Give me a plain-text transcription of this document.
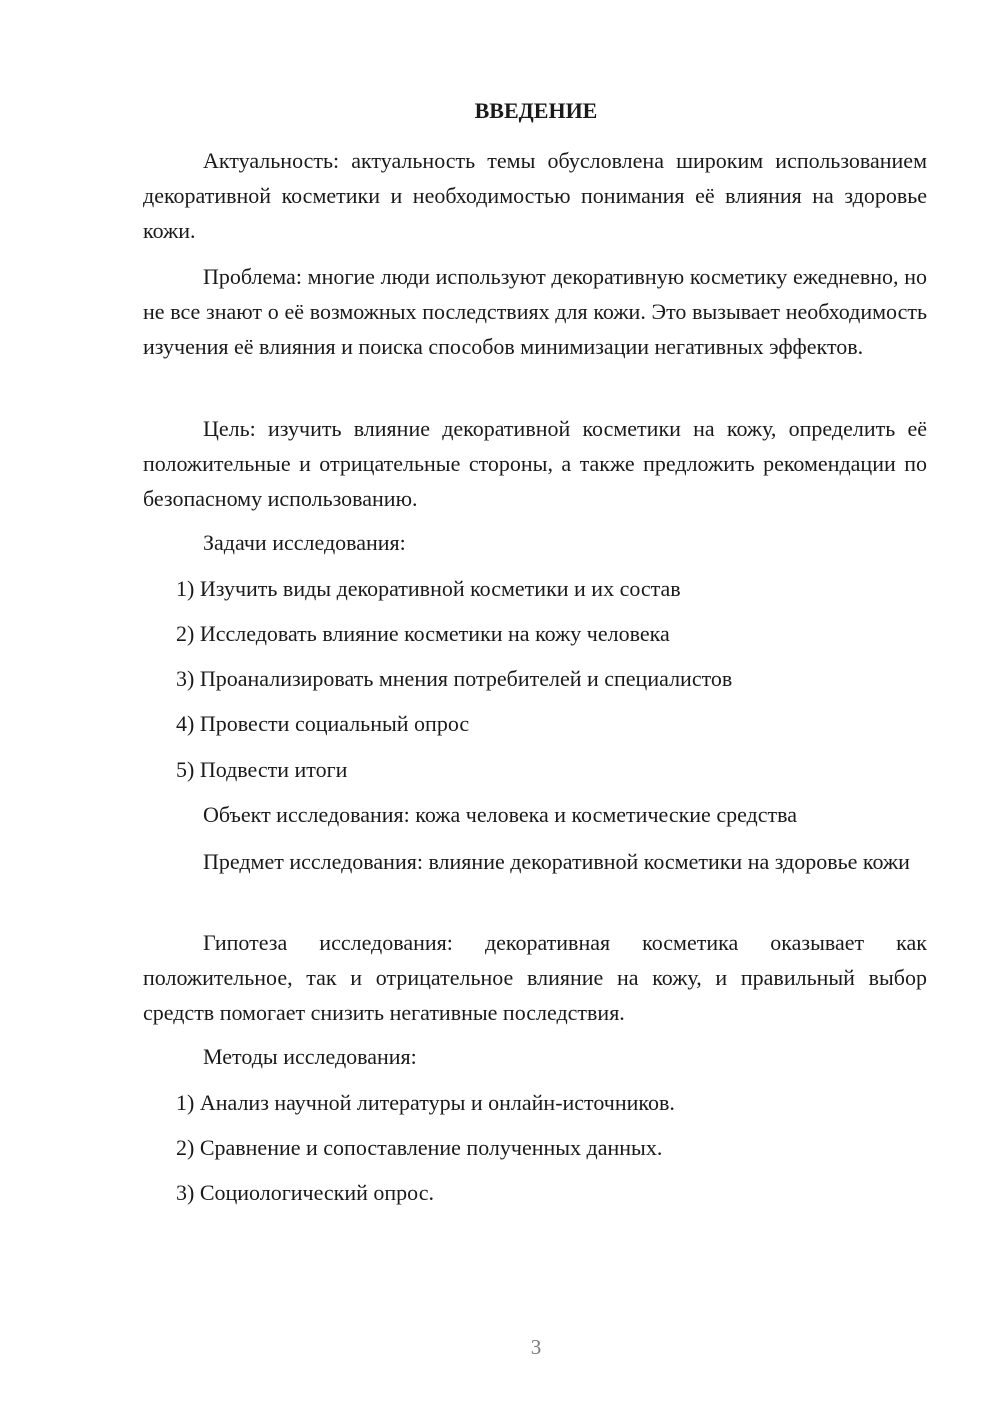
ВВЕДЕНИЕ

Актуальность: актуальность темы обусловлена широким использованием декоративной косметики и необходимостью понимания её влияния на здоровье кожи.

Проблема: многие люди используют декоративную косметику ежедневно, но не все знают о её возможных последствиях для кожи. Это вызывает необходимость изучения её влияния и поиска способов минимизации негативных эффектов.

Цель: изучить влияние декоративной косметики на кожу, определить её положительные и отрицательные стороны, а также предложить рекомендации по безопасному использованию.

Задачи исследования:

1) Изучить виды декоративной косметики и их состав

2) Исследовать влияние косметики на кожу человека

3) Проанализировать мнения потребителей и специалистов

4) Провести социальный опрос

5) Подвести итоги

Объект исследования: кожа человека и косметические средства

Предмет исследования: влияние декоративной косметики на здоровье кожи

Гипотеза исследования: декоративная косметика оказывает как положительное, так и отрицательное влияние на кожу, и правильный выбор средств помогает снизить негативные последствия.

Методы исследования:

1) Анализ научной литературы и онлайн-источников.

2) Сравнение и сопоставление полученных данных.

3) Социологический опрос.

3
